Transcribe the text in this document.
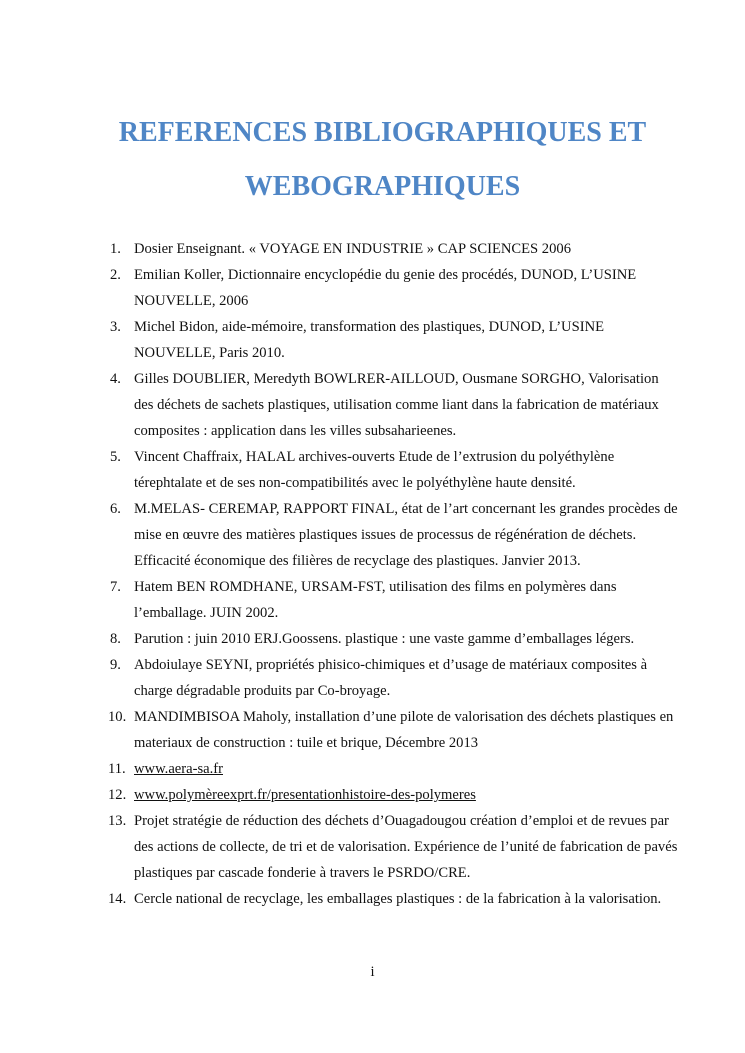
REFERENCES BIBLIOGRAPHIQUES ET
WEBOGRAPHIQUES
1. Dosier Enseignant. « VOYAGE EN INDUSTRIE » CAP SCIENCES 2006
2. Emilian Koller, Dictionnaire encyclopédie du genie des procédés, DUNOD, L’USINE NOUVELLE, 2006
3. Michel Bidon, aide-mémoire, transformation des plastiques, DUNOD, L’USINE NOUVELLE, Paris 2010.
4. Gilles DOUBLIER, Meredyth BOWLRER-AILLOUD, Ousmane SORGHO, Valorisation des déchets de sachets plastiques, utilisation comme liant dans la fabrication de matériaux composites : application dans les villes subsaharieenes.
5. Vincent Chaffraix, HALAL archives-ouverts Etude de l’extrusion du polyéthylène térephtalate et de ses non-compatibilités avec le polyéthylène haute densité.
6. M.MELAS- CEREMAP, RAPPORT FINAL, état de l’art concernant les grandes procèdes de mise en œuvre des matières plastiques issues de processus de régénération de déchets. Efficacité économique des filières de recyclage des plastiques. Janvier 2013.
7. Hatem BEN ROMDHANE, URSAM-FST, utilisation des films en polymères dans l’emballage. JUIN 2002.
8. Parution : juin 2010 ERJ.Goossens. plastique : une vaste gamme d’emballages légers.
9. Abdoiulaye SEYNI, propriétés phisico-chimiques et d’usage de matériaux composites à charge dégradable produits par Co-broyage.
10. MANDIMBISOA Maholy, installation d’une pilote de valorisation des déchets plastiques en materiaux de construction : tuile et brique, Décembre 2013
11. www.aera-sa.fr
12. www.polymèreexprt.fr/presentationhistoire-des-polymeres
13. Projet stratégie de réduction des déchets d’Ouagadougou création d’emploi et de revues par des actions de collecte, de tri et de valorisation. Expérience de l’unité de fabrication de pavés plastiques par cascade fonderie à travers le PSRDO/CRE.
14. Cercle national de recyclage, les emballages plastiques : de la fabrication à la valorisation.
i
